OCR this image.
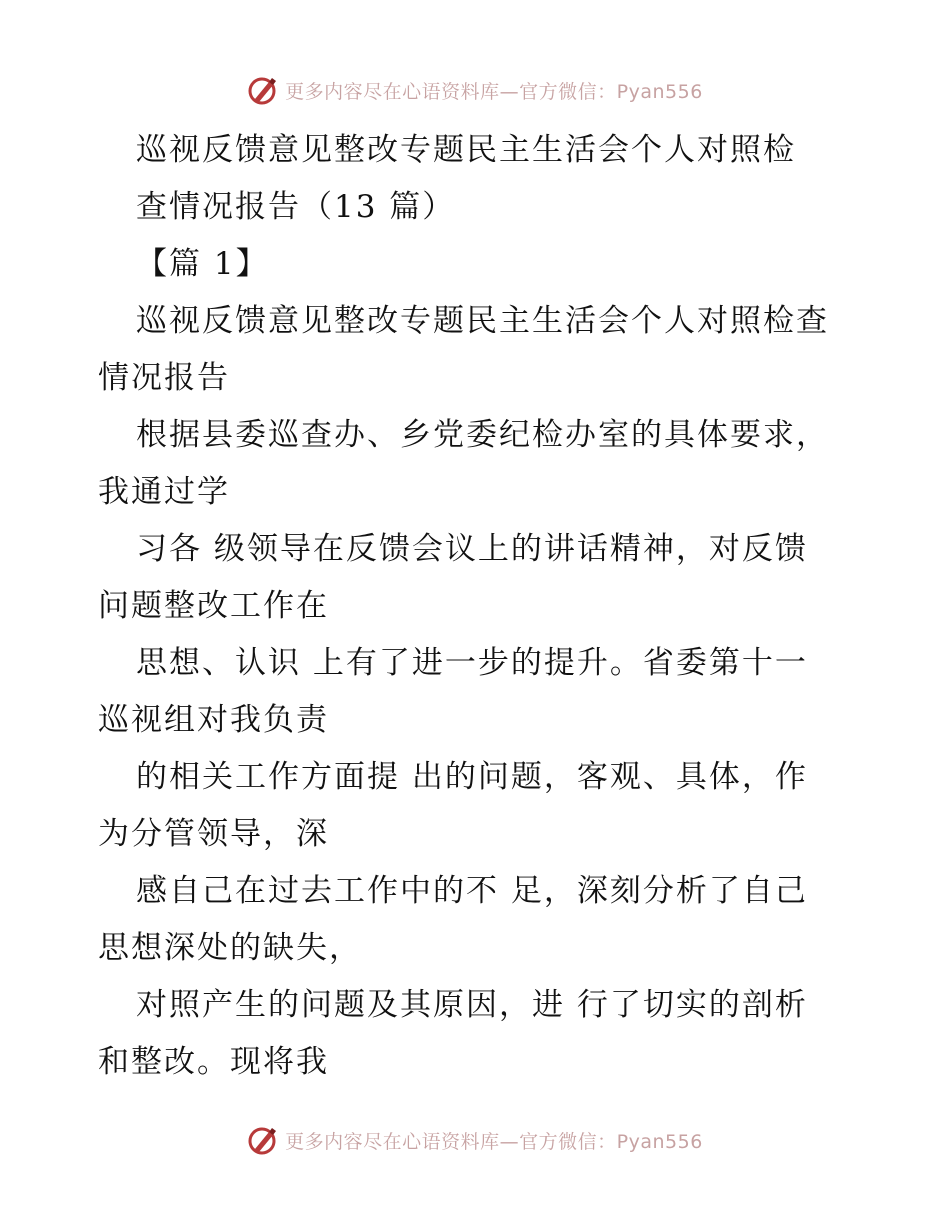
更多内容尽在心语资料库—官方微信：Pyan556
巡视反馈意见整改专题民主生活会个人对照检
查情况报告（13 篇）
【篇 1】
巡视反馈意见整改专题民主生活会个人对照检查
情况报告
根据县委巡查办、乡党委纪检办室的具体要求，
我通过学
习各 级领导在反馈会议上的讲话精神，对反馈
问题整改工作在
思想、认识 上有了进一步的提升。省委第十一
巡视组对我负责
的相关工作方面提 出的问题，客观、具体，作
为分管领导，深
感自己在过去工作中的不 足，深刻分析了自己
思想深处的缺失，
对照产生的问题及其原因，进 行了切实的剖析
和整改。现将我
更多内容尽在心语资料库—官方微信：Pyan556
